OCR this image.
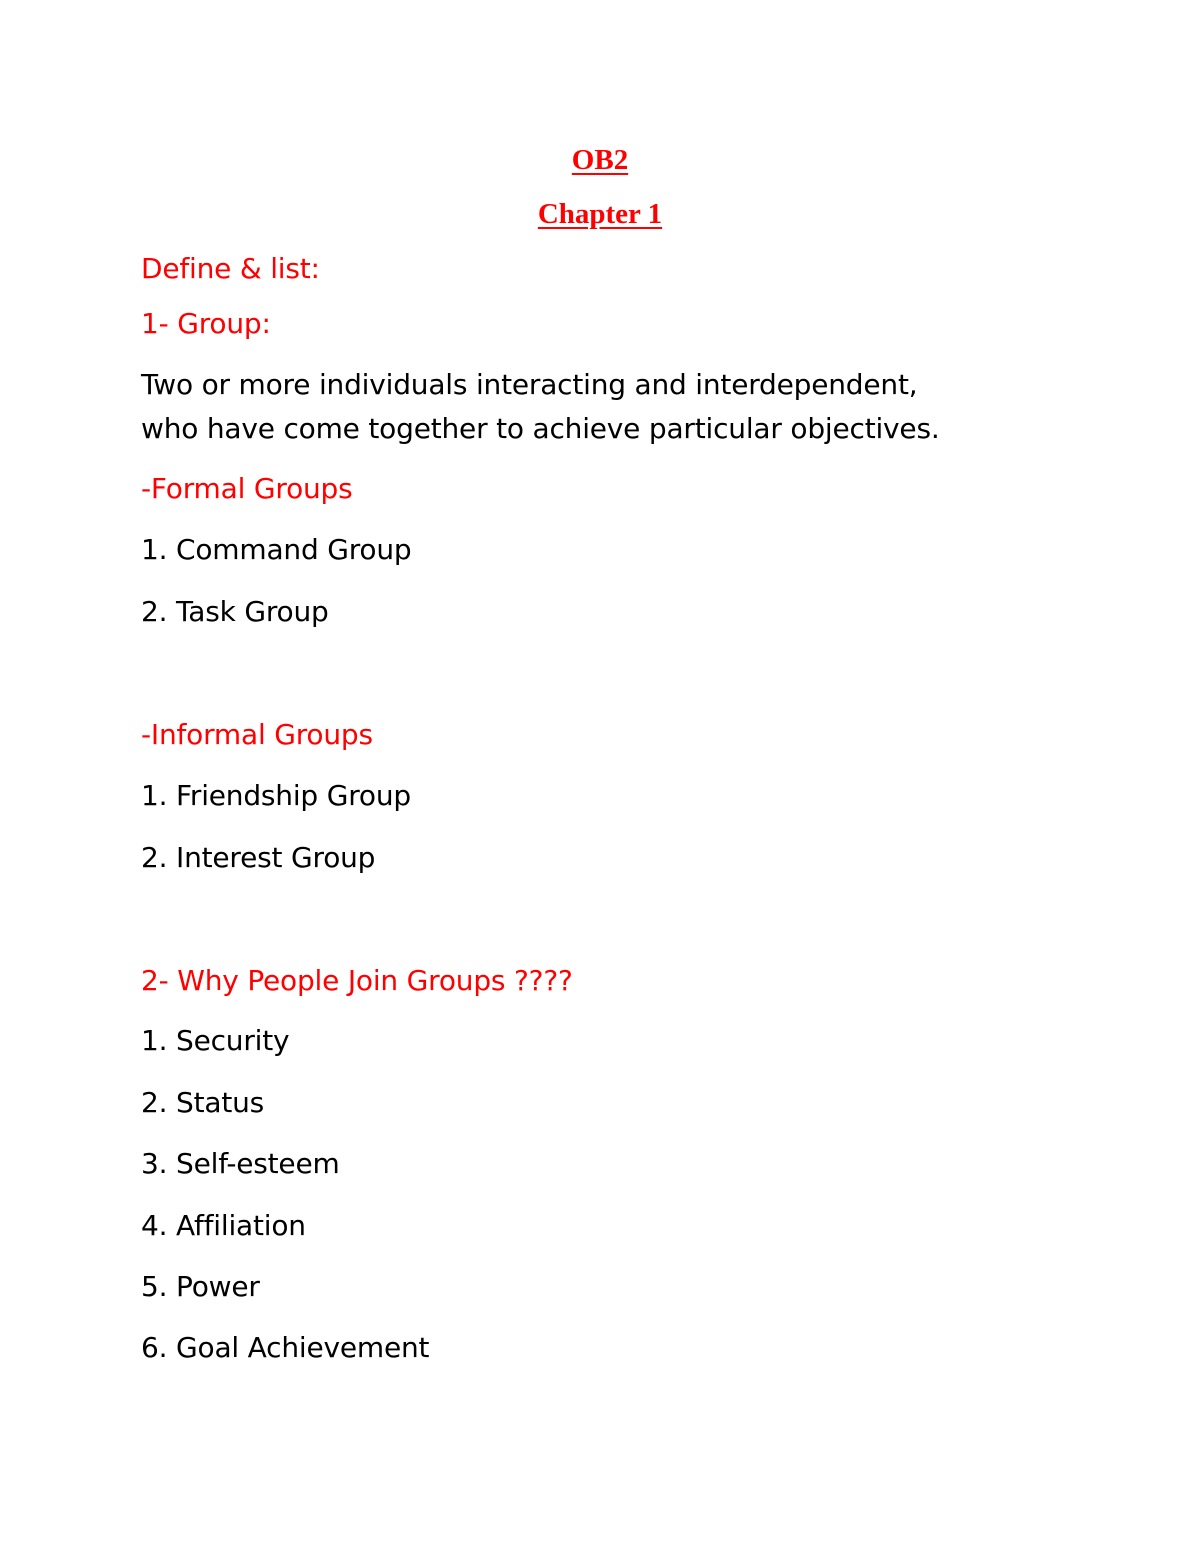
OB2
Chapter 1
Define & list:
1- Group:
Two or more individuals interacting and interdependent,
who have come together to achieve particular objectives.
-Formal Groups
1. Command Group
2. Task Group
-Informal Groups
1. Friendship Group
2. Interest Group
2- Why People Join Groups ????
1. Security
2. Status
3. Self-esteem
4. Affiliation
5. Power
6. Goal Achievement
